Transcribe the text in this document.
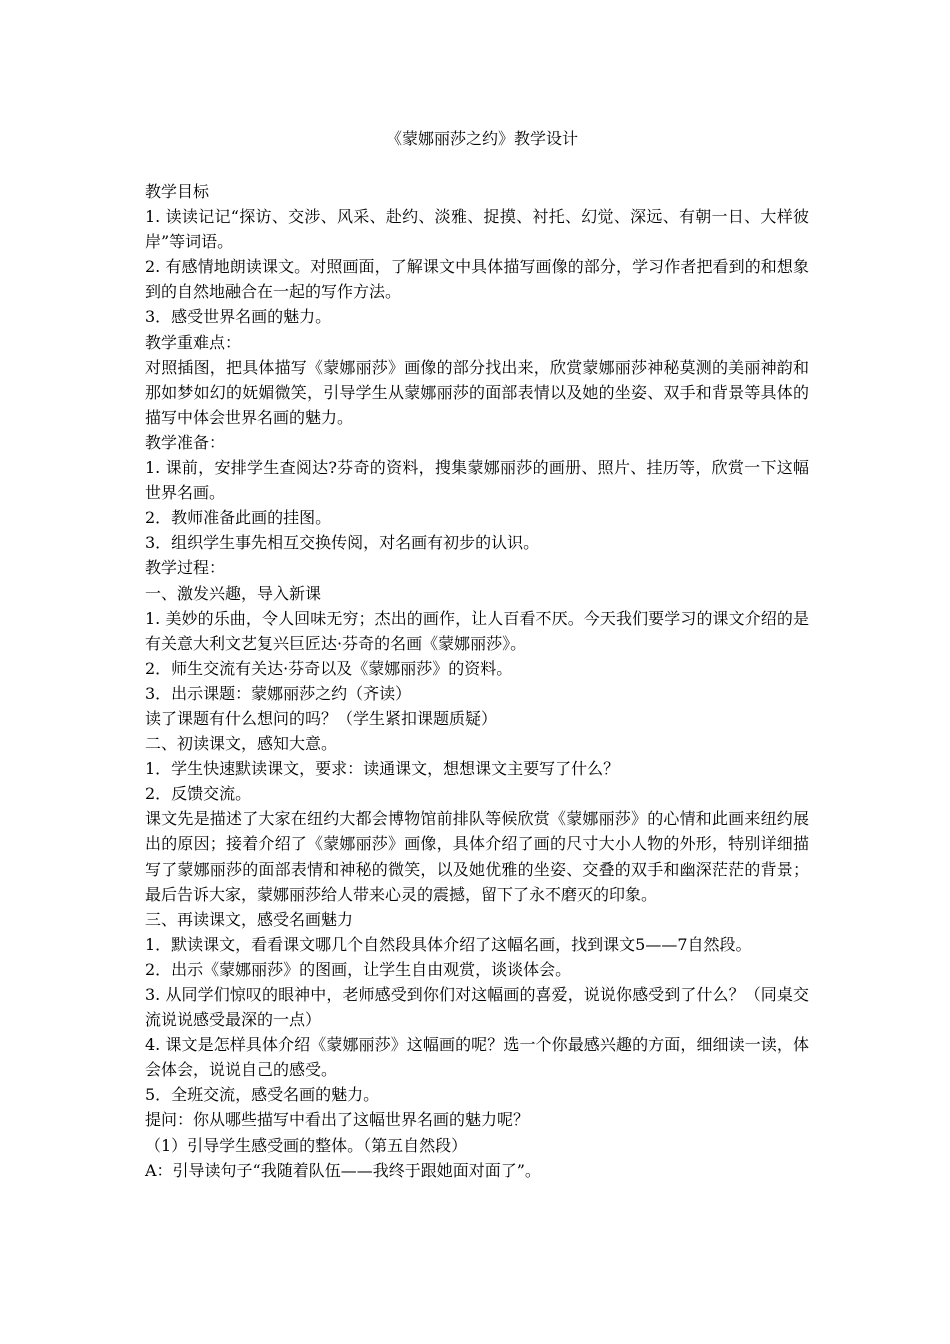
《蒙娜丽莎之约》教学设计

教学目标

1. 读读记记“探访、交涉、风采、赴约、淡雅、捉摸、衬托、幻觉、深远、有朝一日、大样彼岸”等词语。

2. 有感情地朗读课文。对照画面，了解课文中具体描写画像的部分，学习作者把看到的和想象到的自然地融合在一起的写作方法。

3．感受世界名画的魅力。

教学重难点：

对照插图，把具体描写《蒙娜丽莎》画像的部分找出来，欣赏蒙娜丽莎神秘莫测的美丽神韵和那如梦如幻的妩媚微笑，引导学生从蒙娜丽莎的面部表情以及她的坐姿、双手和背景等具体的描写中体会世界名画的魅力。

教学准备：

1. 课前，安排学生查阅达?芬奇的资料，搜集蒙娜丽莎的画册、照片、挂历等，欣赏一下这幅世界名画。

2．教师准备此画的挂图。

3．组织学生事先相互交换传阅，对名画有初步的认识。

教学过程：

一、激发兴趣，导入新课

1. 美妙的乐曲，令人回味无穷；杰出的画作，让人百看不厌。今天我们要学习的课文介绍的是有关意大利文艺复兴巨匠达·芬奇的名画《蒙娜丽莎》。

2．师生交流有关达·芬奇以及《蒙娜丽莎》的资料。

3．出示课题：蒙娜丽莎之约（齐读）

读了课题有什么想问的吗？（学生紧扣课题质疑）

二、初读课文，感知大意。

1．学生快速默读课文，要求：读通课文，想想课文主要写了什么？

2．反馈交流。

课文先是描述了大家在纽约大都会博物馆前排队等候欣赏《蒙娜丽莎》的心情和此画来纽约展出的原因；接着介绍了《蒙娜丽莎》画像，具体介绍了画的尺寸大小人物的外形，特别详细描写了蒙娜丽莎的面部表情和神秘的微笑，以及她优雅的坐姿、交叠的双手和幽深茫茫的背景；最后告诉大家，蒙娜丽莎给人带来心灵的震撼，留下了永不磨灭的印象。

三、再读课文，感受名画魅力

1．默读课文，看看课文哪几个自然段具体介绍了这幅名画，找到课文5——7自然段。

2．出示《蒙娜丽莎》的图画，让学生自由观赏，谈谈体会。

3. 从同学们惊叹的眼神中，老师感受到你们对这幅画的喜爱，说说你感受到了什么？（同桌交流说说感受最深的一点）

4. 课文是怎样具体介绍《蒙娜丽莎》这幅画的呢？选一个你最感兴趣的方面，细细读一读，体会体会，说说自己的感受。

5．全班交流，感受名画的魅力。

提问：你从哪些描写中看出了这幅世界名画的魅力呢？

（1）引导学生感受画的整体。（第五自然段）

A：引导读句子“我随着队伍——我终于跟她面对面了”。
